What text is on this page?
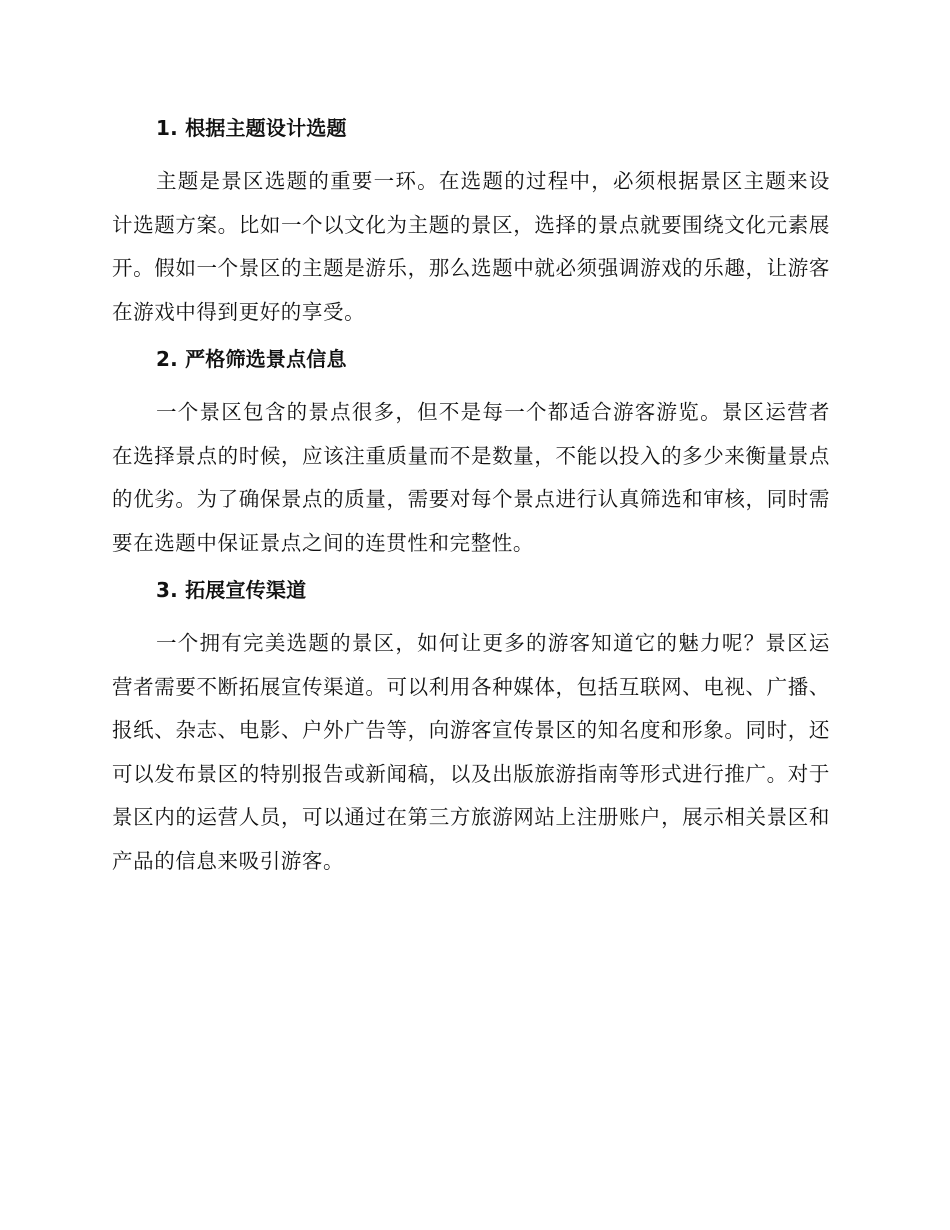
1. 根据主题设计选题

主题是景区选题的重要一环。在选题的过程中，必须根据景区主题来设计选题方案。比如一个以文化为主题的景区，选择的景点就要围绕文化元素展开。假如一个景区的主题是游乐，那么选题中就必须强调游戏的乐趣，让游客在游戏中得到更好的享受。

2. 严格筛选景点信息

一个景区包含的景点很多，但不是每一个都适合游客游览。景区运营者在选择景点的时候，应该注重质量而不是数量，不能以投入的多少来衡量景点的优劣。为了确保景点的质量，需要对每个景点进行认真筛选和审核，同时需要在选题中保证景点之间的连贯性和完整性。

3. 拓展宣传渠道

一个拥有完美选题的景区，如何让更多的游客知道它的魅力呢？景区运营者需要不断拓展宣传渠道。可以利用各种媒体，包括互联网、电视、广播、报纸、杂志、电影、户外广告等，向游客宣传景区的知名度和形象。同时，还可以发布景区的特别报告或新闻稿，以及出版旅游指南等形式进行推广。对于景区内的运营人员，可以通过在第三方旅游网站上注册账户，展示相关景区和产品的信息来吸引游客。
